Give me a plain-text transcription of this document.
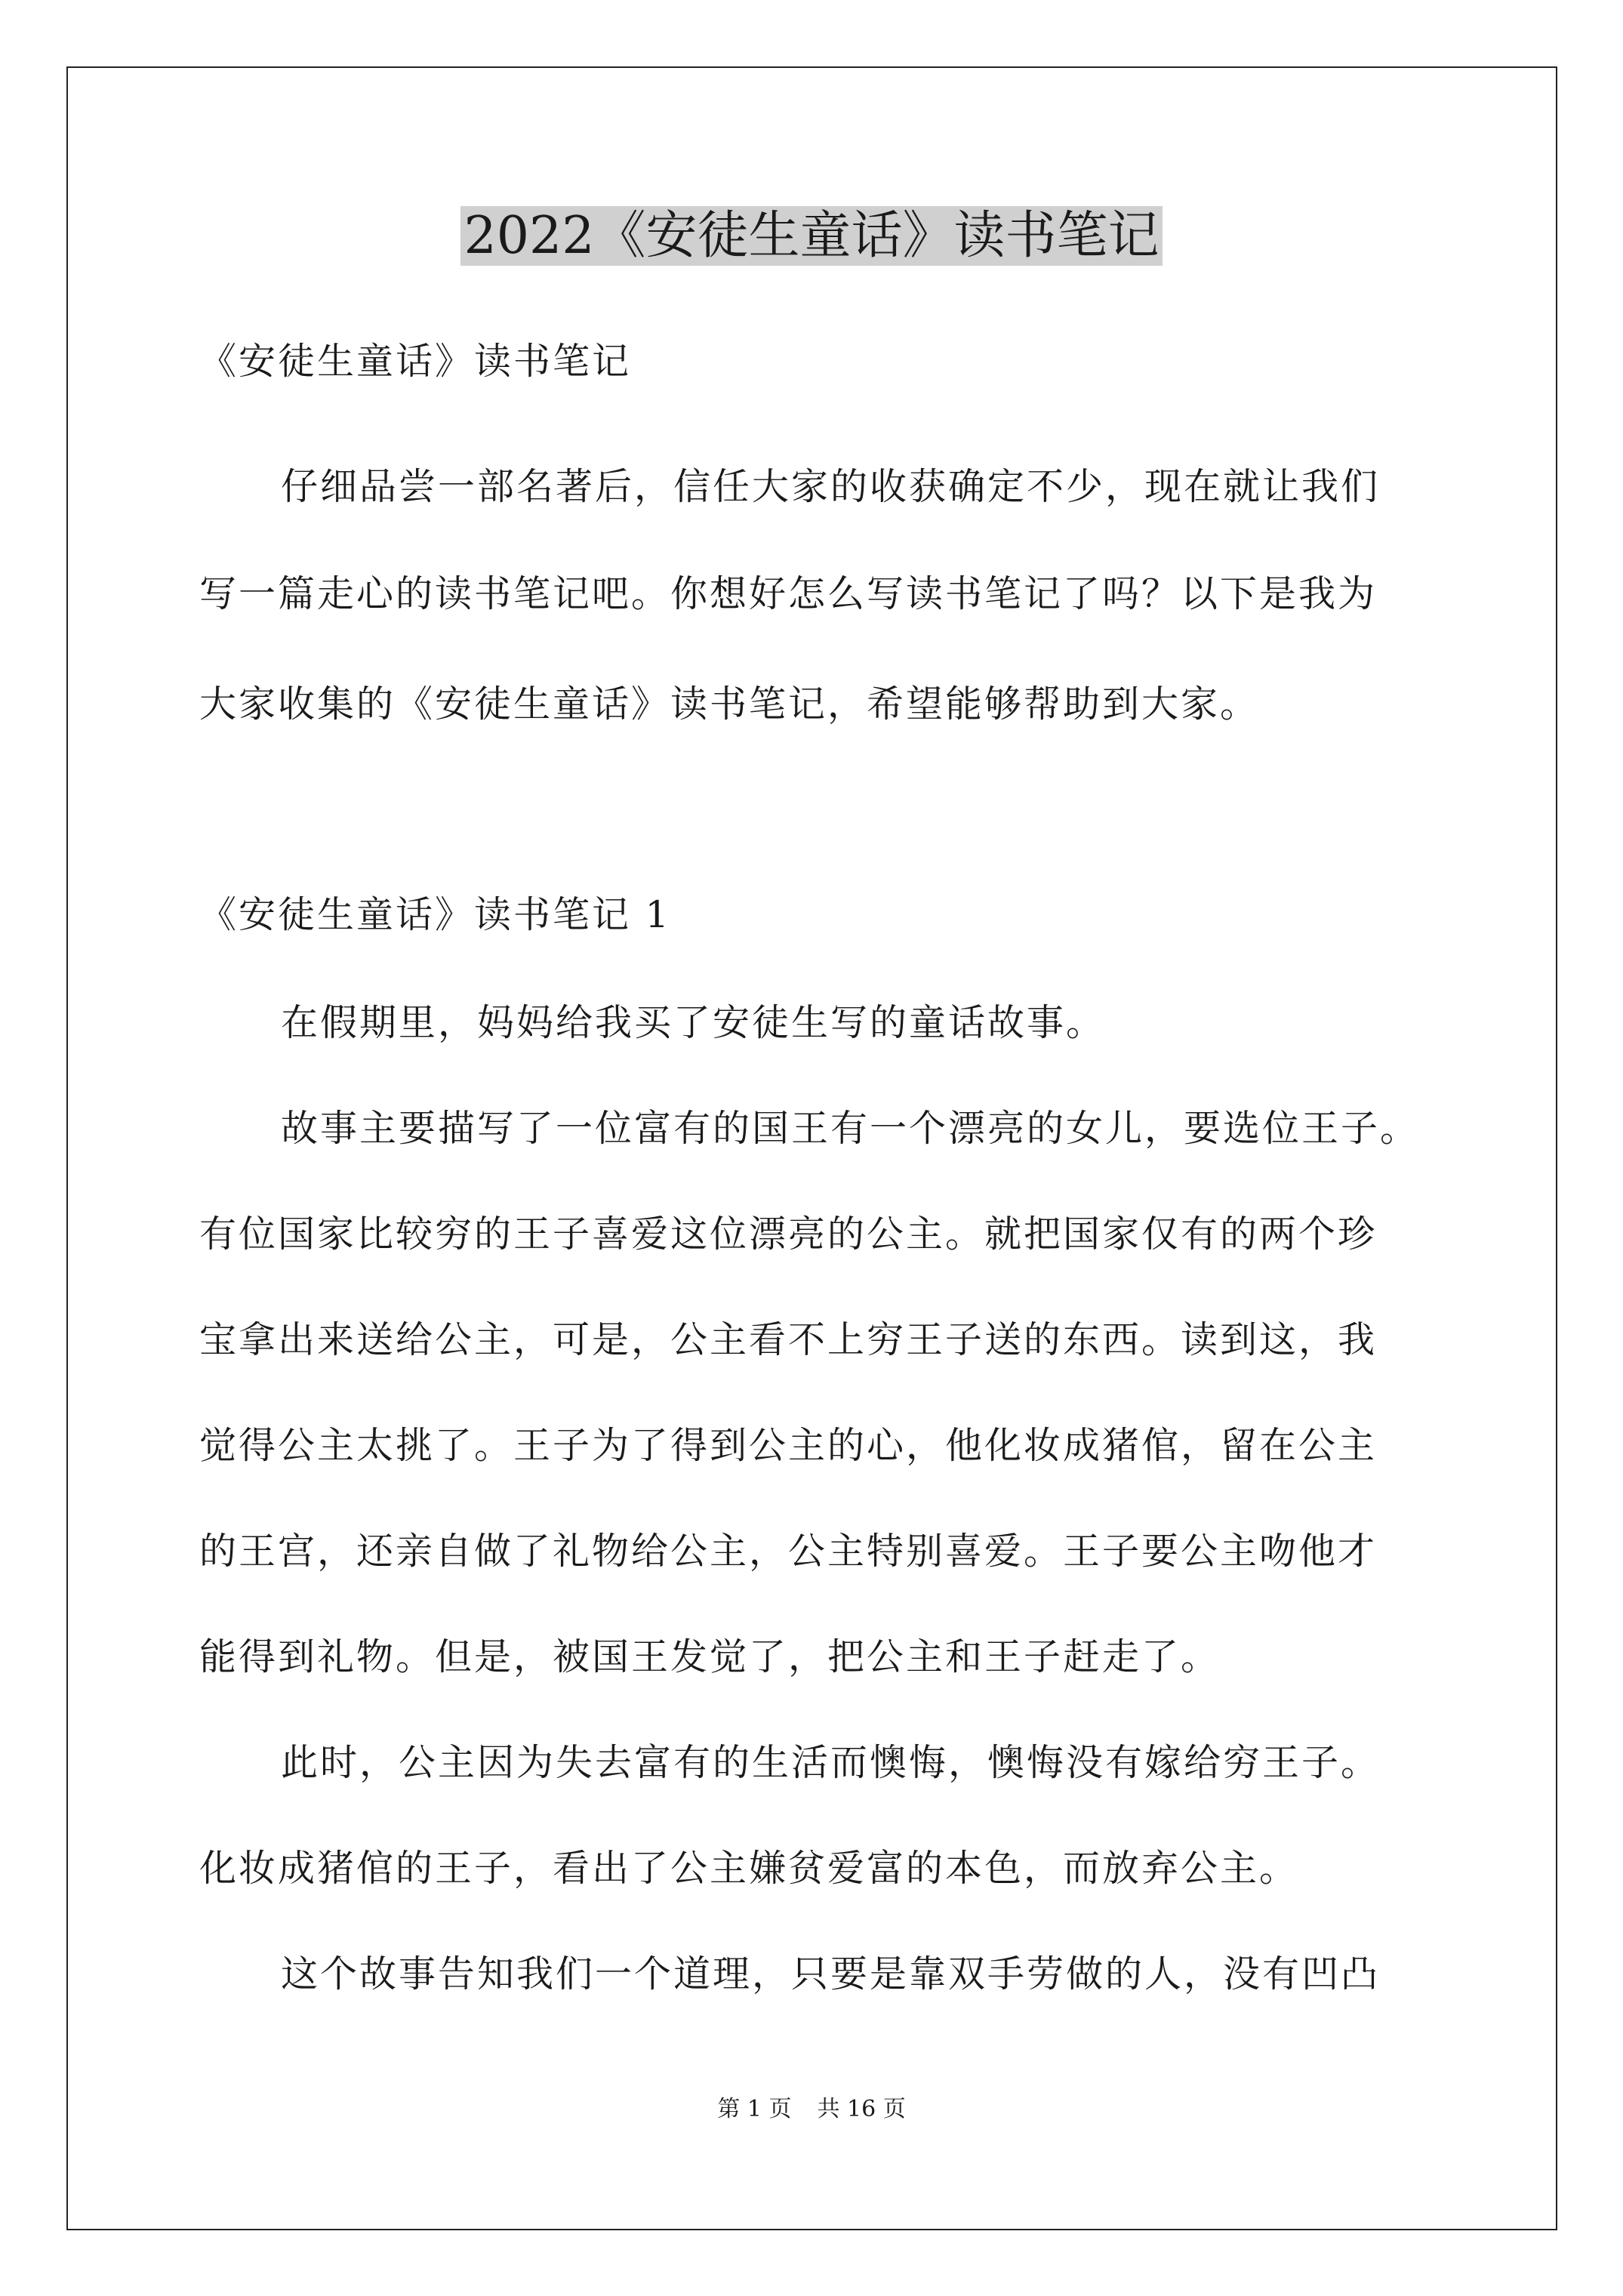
2022《安徒生童话》读书笔记
《安徒生童话》读书笔记
仔细品尝一部名著后，信任大家的收获确定不少，现在就让我们
写一篇走心的读书笔记吧。你想好怎么写读书笔记了吗？以下是我为
大家收集的《安徒生童话》读书笔记，希望能够帮助到大家。
《安徒生童话》读书笔记 1
在假期里，妈妈给我买了安徒生写的童话故事。
故事主要描写了一位富有的国王有一个漂亮的女儿，要选位王子。
有位国家比较穷的王子喜爱这位漂亮的公主。就把国家仅有的两个珍
宝拿出来送给公主，可是，公主看不上穷王子送的东西。读到这，我
觉得公主太挑了。王子为了得到公主的心，他化妆成猪倌，留在公主
的王宫，还亲自做了礼物给公主，公主特别喜爱。王子要公主吻他才
能得到礼物。但是，被国王发觉了，把公主和王子赶走了。
此时，公主因为失去富有的生活而懊悔，懊悔没有嫁给穷王子。
化妆成猪倌的王子，看出了公主嫌贫爱富的本色，而放弃公主。
这个故事告知我们一个道理，只要是靠双手劳做的人，没有凹凸
第 1 页 共 16 页
